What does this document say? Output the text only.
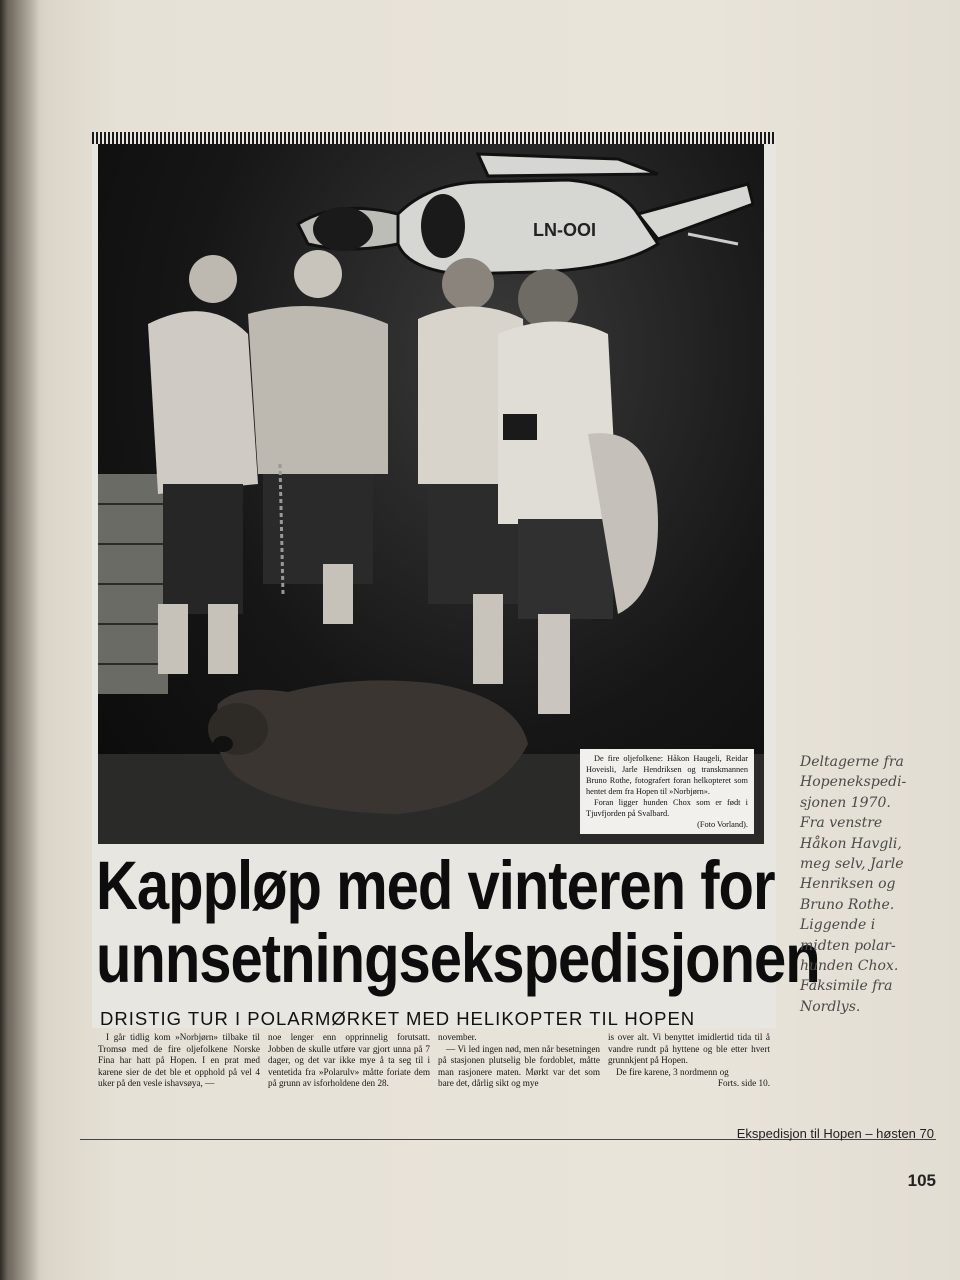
LN-OOI

De fire oljefolkene: Håkon Haugeli, Reidar Hoveisli, Jarle Hendriksen og transkmannen Bruno Rothe, fotografert foran helkopteret som hentet dem fra Hopen til »Norbjørn».

Foran ligger hunden Chox som er født i Tjuvfjorden på Svalbard.

(Foto Vorland).

Kappløp med vinteren for
unnsetningsekspedisjonen
DRISTIG TUR I POLARMØRKET MED HELIKOPTER TIL HOPEN

I går tidlig kom »Norbjørn» tilbake til Tromsø med de fire oljefolkene Norske Fina har hatt på Hopen. I en prat med karene sier de det ble et opphold på vel 4 uker på den vesle ishavsøya, —

noe lenger enn opprinnelig forutsatt. Jobben de skulle utføre var gjort unna på 7 dager, og det var ikke mye å ta seg til i ventetida fra »Polarulv» måtte foriate dem på grunn av isforholdene den 28.

november.

— Vi led ingen nød, men når besetningen på stasjonen plutselig ble fordoblet, måtte man rasjonere maten. Mørkt var det som bare det, dårlig sikt og mye

is over alt. Vi benyttet imidlertid tida til å vandre rundt på hyttene og ble etter hvert grunnkjent på Hopen.

De fire karene, 3 nordmenn og

Forts. side 10.

Deltagerne fra
Hopenekspedi-
sjonen 1970.
Fra venstre
Håkon Havgli,
meg selv, Jarle
Henriksen og
Bruno Rothe.
Liggende i
midten polar-
hunden Chox.
Faksimile fra
Nordlys.
Ekspedisjon til Hopen – høsten 70
105
